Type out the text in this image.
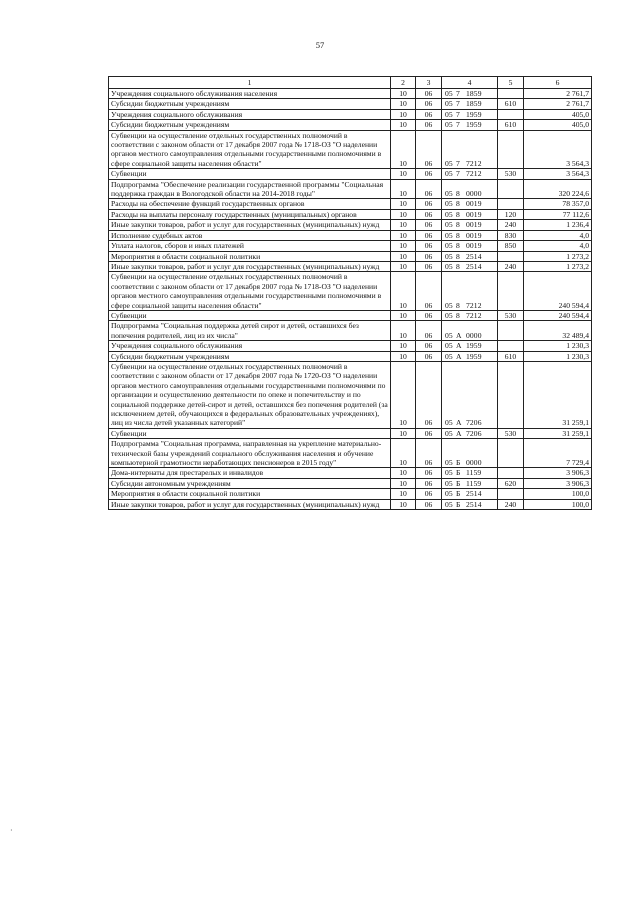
57
1	2	3	4	5	6
Учреждения социального обслуживания населения	10	06	05 7 1859		2 761,7
Субсидии бюджетным учреждениям	10	06	05 7 1859	610	2 761,7
Учреждения социального обслуживания	10	06	05 7 1959		405,0
Субсидии бюджетным учреждениям	10	06	05 7 1959	610	405,0
Субвенции на осуществление отдельных государственных полномочий в соответствии с законом области от 17 декабря 2007 года № 1718-ОЗ "О наделении органов местного самоуправления отдельными государственными полномочиями в сфере социальной защиты населения области"	10	06	05 7 7212		3 564,3
Субвенции	10	06	05 7 7212	530	3 564,3
Подпрограмма "Обеспечение реализации государственной программы "Социальная поддержка граждан в Вологодской области на 2014-2018 годы"	10	06	05 8 0000		320 224,6
Расходы на обеспечение функций государственных органов	10	06	05 8 0019		78 357,0
Расходы на выплаты персоналу государственных (муниципальных) органов	10	06	05 8 0019	120	77 112,6
Иные закупки товаров, работ и услуг для государственных (муниципальных) нужд	10	06	05 8 0019	240	1 236,4
Исполнение судебных актов	10	06	05 8 0019	830	4,0
Уплата налогов, сборов и иных платежей	10	06	05 8 0019	850	4,0
Мероприятия в области социальной политики	10	06	05 8 2514		1 273,2
Иные закупки товаров, работ и услуг для государственных (муниципальных) нужд	10	06	05 8 2514	240	1 273,2
Субвенции на осуществление отдельных государственных полномочий в соответствии с законом области от 17 декабря 2007 года № 1718-ОЗ "О наделении органов местного самоуправления отдельными государственными полномочиями в сфере социальной защиты населения области"	10	06	05 8 7212		240 594,4
Субвенции	10	06	05 8 7212	530	240 594,4
Подпрограмма "Социальная поддержка детей сирот и детей, оставшихся без попечения родителей, лиц из их числа"	10	06	05 А 0000		32 489,4
Учреждения социального обслуживания	10	06	05 А 1959		1 230,3
Субсидии бюджетным учреждениям	10	06	05 А 1959	610	1 230,3
Субвенции на осуществление отдельных государственных полномочий в соответствии с законом области от 17 декабря 2007 года № 1720-ОЗ "О наделении органов местного самоуправления отдельными государственными полномочиями по организации и осуществлению деятельности по опеке и попечительству и по социальной поддержке детей-сирот и детей, оставшихся без попечения родителей (за исключением детей, обучающихся в федеральных образовательных учреждениях), лиц из числа детей указанных категорий"	10	06	05 А 7206		31 259,1
Субвенции	10	06	05 А 7206	530	31 259,1
Подпрограмма "Социальная программа, направленная на укрепление материально-технической базы учреждений социального обслуживания населения и обучение компьютерной грамотности неработающих пенсионеров в 2015 году"	10	06	05 Б 0000		7 729,4
Дома-интернаты для престарелых и инвалидов	10	06	05 Б 1159		3 906,3
Субсидии автономным учреждениям	10	06	05 Б 1159	620	3 906,3
Мероприятия в области социальной политики	10	06	05 Б 2514		100,0
Иные закупки товаров, работ и услуг для государственных (муниципальных) нужд	10	06	05 Б 2514	240	100,0
·
